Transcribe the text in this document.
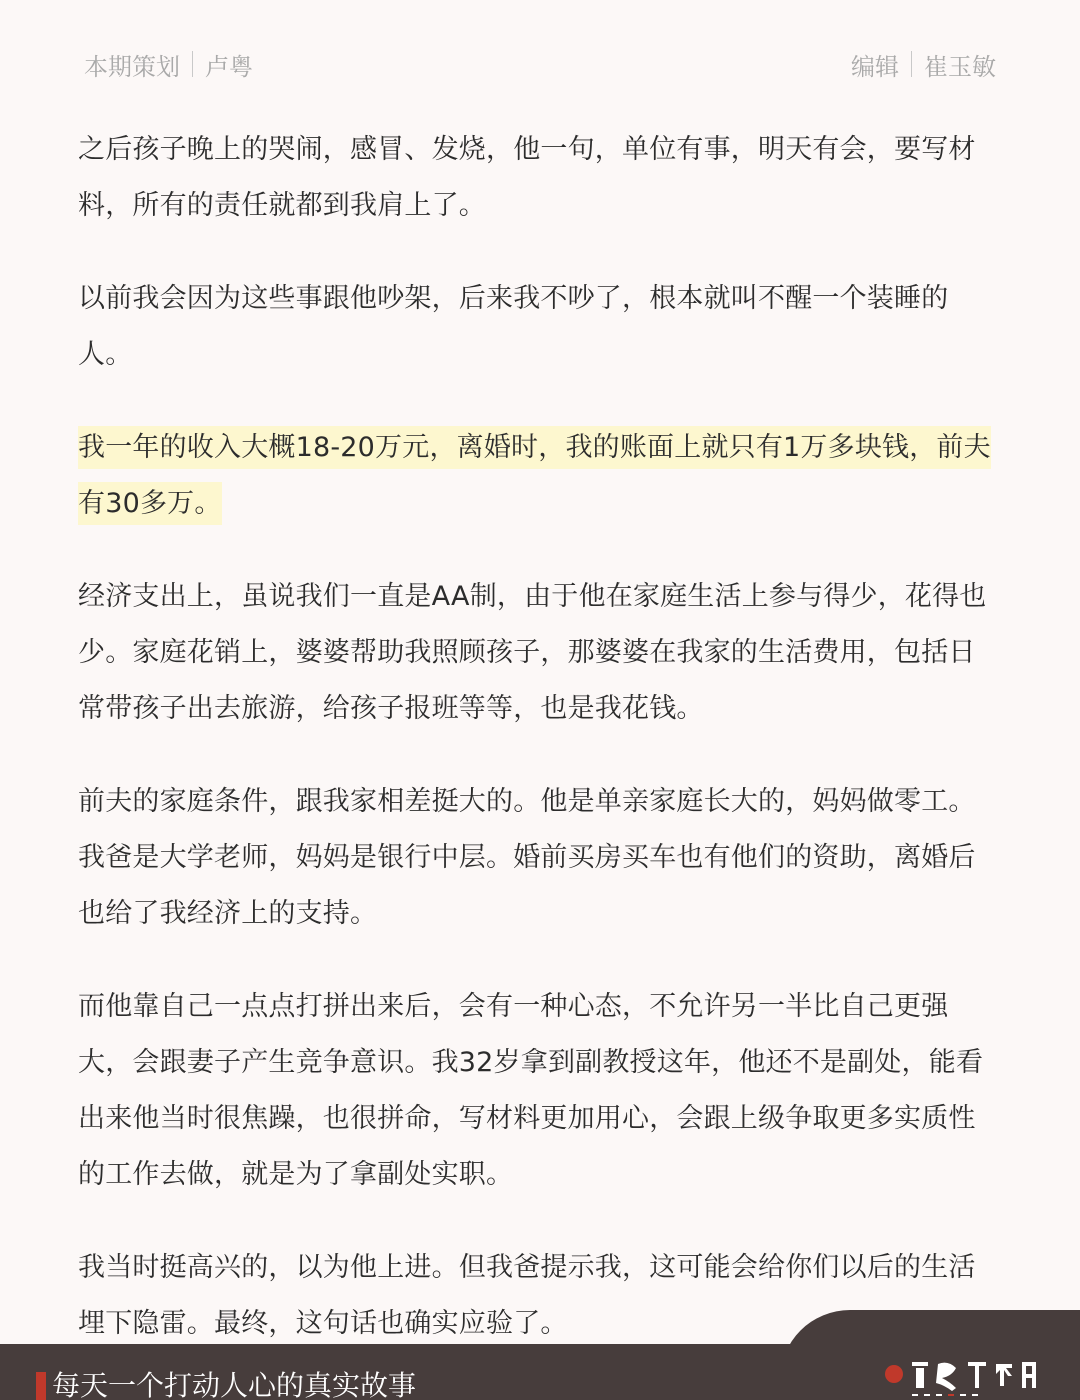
本期策划 卢粤	编辑 崔玉敏

之后孩子晚上的哭闹，感冒、发烧，他一句，单位有事，明天有会，要写材料，所有的责任就都到我肩上了。

以前我会因为这些事跟他吵架，后来我不吵了，根本就叫不醒一个装睡的人。

我一年的收入大概18-20万元，离婚时，我的账面上就只有1万多块钱，前夫有30多万。

经济支出上，虽说我们一直是AA制，由于他在家庭生活上参与得少，花得也少。家庭花销上，婆婆帮助我照顾孩子，那婆婆在我家的生活费用，包括日常带孩子出去旅游，给孩子报班等等，也是我花钱。

前夫的家庭条件，跟我家相差挺大的。他是单亲家庭长大的，妈妈做零工。我爸是大学老师，妈妈是银行中层。婚前买房买车也有他们的资助，离婚后也给了我经济上的支持。

而他靠自己一点点打拼出来后，会有一种心态，不允许另一半比自己更强大，会跟妻子产生竞争意识。我32岁拿到副教授这年，他还不是副处，能看出来他当时很焦躁，也很拼命，写材料更加用心，会跟上级争取更多实质性的工作去做，就是为了拿副处实职。

我当时挺高兴的，以为他上进。但我爸提示我，这可能会给你们以后的生活埋下隐雷。最终，这句话也确实应验了。

每天一个打动人心的真实故事
